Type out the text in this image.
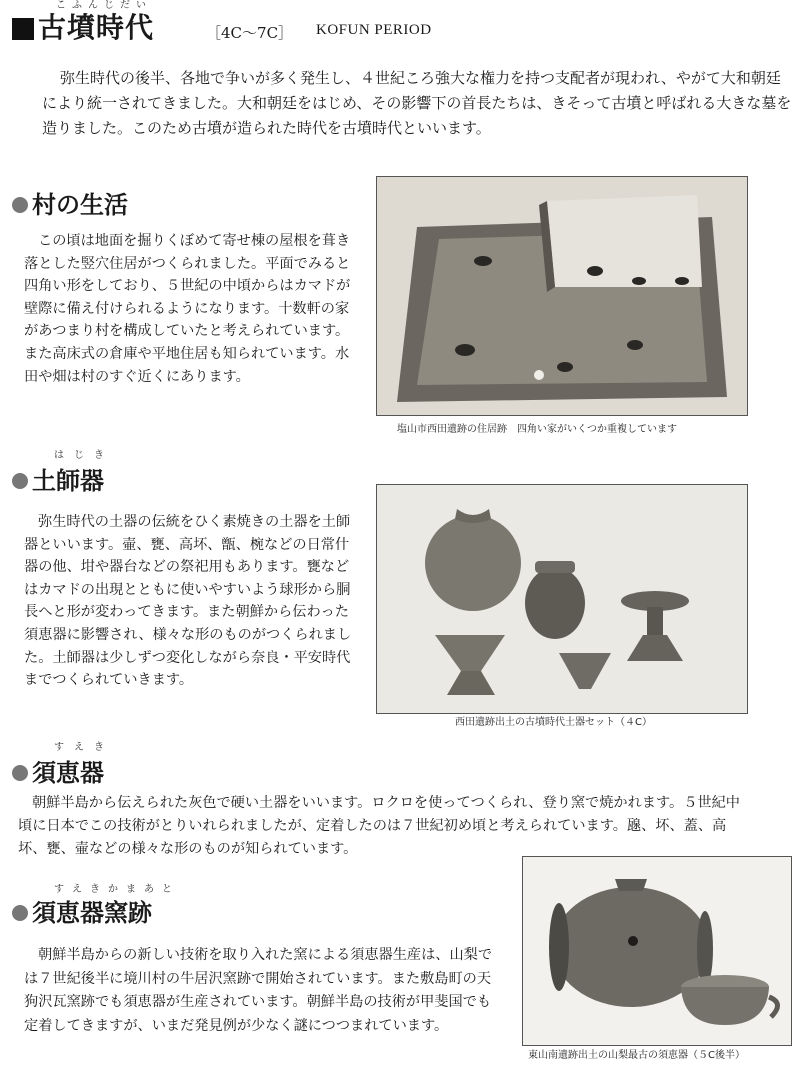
こふんじだい
古墳時代	［4C〜7C］ KOFUN PERIOD
弥生時代の後半、各地で争いが多く発生し、４世紀ころ強大な権力を持つ支配者が現われ、やがて大和朝廷により統一されてきました。大和朝廷をはじめ、その影響下の首長たちは、きそって古墳と呼ばれる大きな墓を造りました。このため古墳が造られた時代を古墳時代といいます。
村の生活
この頃は地面を掘りくぼめて寄せ棟の屋根を葺き落とした竪穴住居がつくられました。平面でみると四角い形をしており、５世紀の中頃からはカマドが壁際に備え付けられるようになります。十数軒の家があつまり村を構成していたと考えられています。また高床式の倉庫や平地住居も知られています。水田や畑は村のすぐ近くにあります。
塩山市西田遺跡の住居跡　四角い家がいくつか重複しています
はじき
土師器
弥生時代の土器の伝統をひく素焼きの土器を土師器といいます。壷、甕、高坏、甑、椀などの日常什器の他、坩や器台などの祭祀用もあります。甕などはカマドの出現とともに使いやすいよう球形から胴長へと形が変わってきます。また朝鮮から伝わった須恵器に影響され、様々な形のものがつくられました。土師器は少しずつ変化しながら奈良・平安時代までつくられていきます。
西田遺跡出土の古墳時代土器セット（４C）
すえき
須恵器
朝鮮半島から伝えられた灰色で硬い土器をいいます。ロクロを使ってつくられ、登り窯で焼かれます。５世紀中頃に日本でこの技術がとりいれられましたが、定着したのは７世紀初め頃と考えられています。𤭯、坏、蓋、高坏、甕、壷などの様々な形のものが知られています。
すえきかまあと
須恵器窯跡
朝鮮半島からの新しい技術を取り入れた窯による須恵器生産は、山梨では７世紀後半に境川村の牛居沢窯跡で開始されています。また敷島町の天狗沢瓦窯跡でも須恵器が生産されています。朝鮮半島の技術が甲斐国でも定着してきますが、いまだ発見例が少なく謎につつまれています。
東山南遺跡出土の山梨最古の須恵器（５C後半）
